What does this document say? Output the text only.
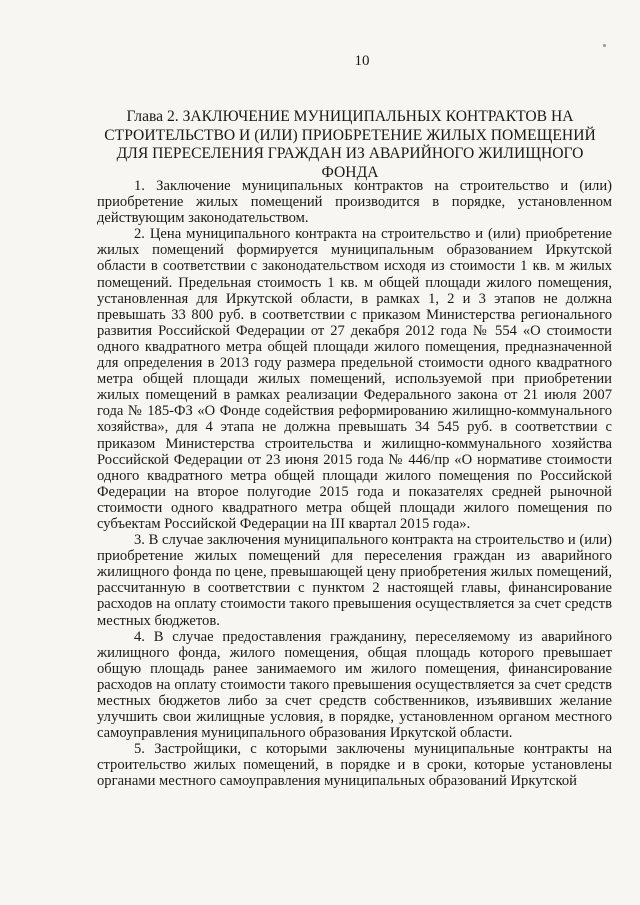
10
Глава 2. ЗАКЛЮЧЕНИЕ МУНИЦИПАЛЬНЫХ КОНТРАКТОВ НА СТРОИТЕЛЬСТВО И (ИЛИ) ПРИОБРЕТЕНИЕ ЖИЛЫХ ПОМЕЩЕНИЙ ДЛЯ ПЕРЕСЕЛЕНИЯ ГРАЖДАН ИЗ АВАРИЙНОГО ЖИЛИЩНОГО ФОНДА

1. Заключение муниципальных контрактов на строительство и (или) приобретение жилых помещений производится в порядке, установленном действующим законодательством.

2. Цена муниципального контракта на строительство и (или) приобретение жилых помещений формируется муниципальным образованием Иркутской области в соответствии с законодательством исходя из стоимости 1 кв. м жилых помещений. Предельная стоимость 1 кв. м общей площади жилого помещения, установленная для Иркутской области, в рамках 1, 2 и 3 этапов не должна превышать 33 800 руб. в соответствии с приказом Министерства регионального развития Российской Федерации от 27 декабря 2012 года № 554 «О стоимости одного квадратного метра общей площади жилого помещения, предназначенной для определения в 2013 году размера предельной стоимости одного квадратного метра общей площади жилых помещений, используемой при приобретении жилых помещений в рамках реализации Федерального закона от 21 июля 2007 года № 185-ФЗ «О Фонде содействия реформированию жилищно-коммунального хозяйства», для 4 этапа не должна превышать 34 545 руб. в соответствии с приказом Министерства строительства и жилищно-коммунального хозяйства Российской Федерации от 23 июня 2015 года № 446/пр «О нормативе стоимости одного квадратного метра общей площади жилого помещения по Российской Федерации на второе полугодие 2015 года и показателях средней рыночной стоимости одного квадратного метра общей площади жилого помещения по субъектам Российской Федерации на III квартал 2015 года».

3. В случае заключения муниципального контракта на строительство и (или) приобретение жилых помещений для переселения граждан из аварийного жилищного фонда по цене, превышающей цену приобретения жилых помещений, рассчитанную в соответствии с пунктом 2 настоящей главы, финансирование расходов на оплату стоимости такого превышения осуществляется за счет средств местных бюджетов.

4. В случае предоставления гражданину, переселяемому из аварийного жилищного фонда, жилого помещения, общая площадь которого превышает общую площадь ранее занимаемого им жилого помещения, финансирование расходов на оплату стоимости такого превышения осуществляется за счет средств местных бюджетов либо за счет средств собственников, изъявивших желание улучшить свои жилищные условия, в порядке, установленном органом местного самоуправления муниципального образования Иркутской области.

5. Застройщики, с которыми заключены муниципальные контракты на строительство жилых помещений, в порядке и в сроки, которые установлены органами местного самоуправления муниципальных образований Иркутской
